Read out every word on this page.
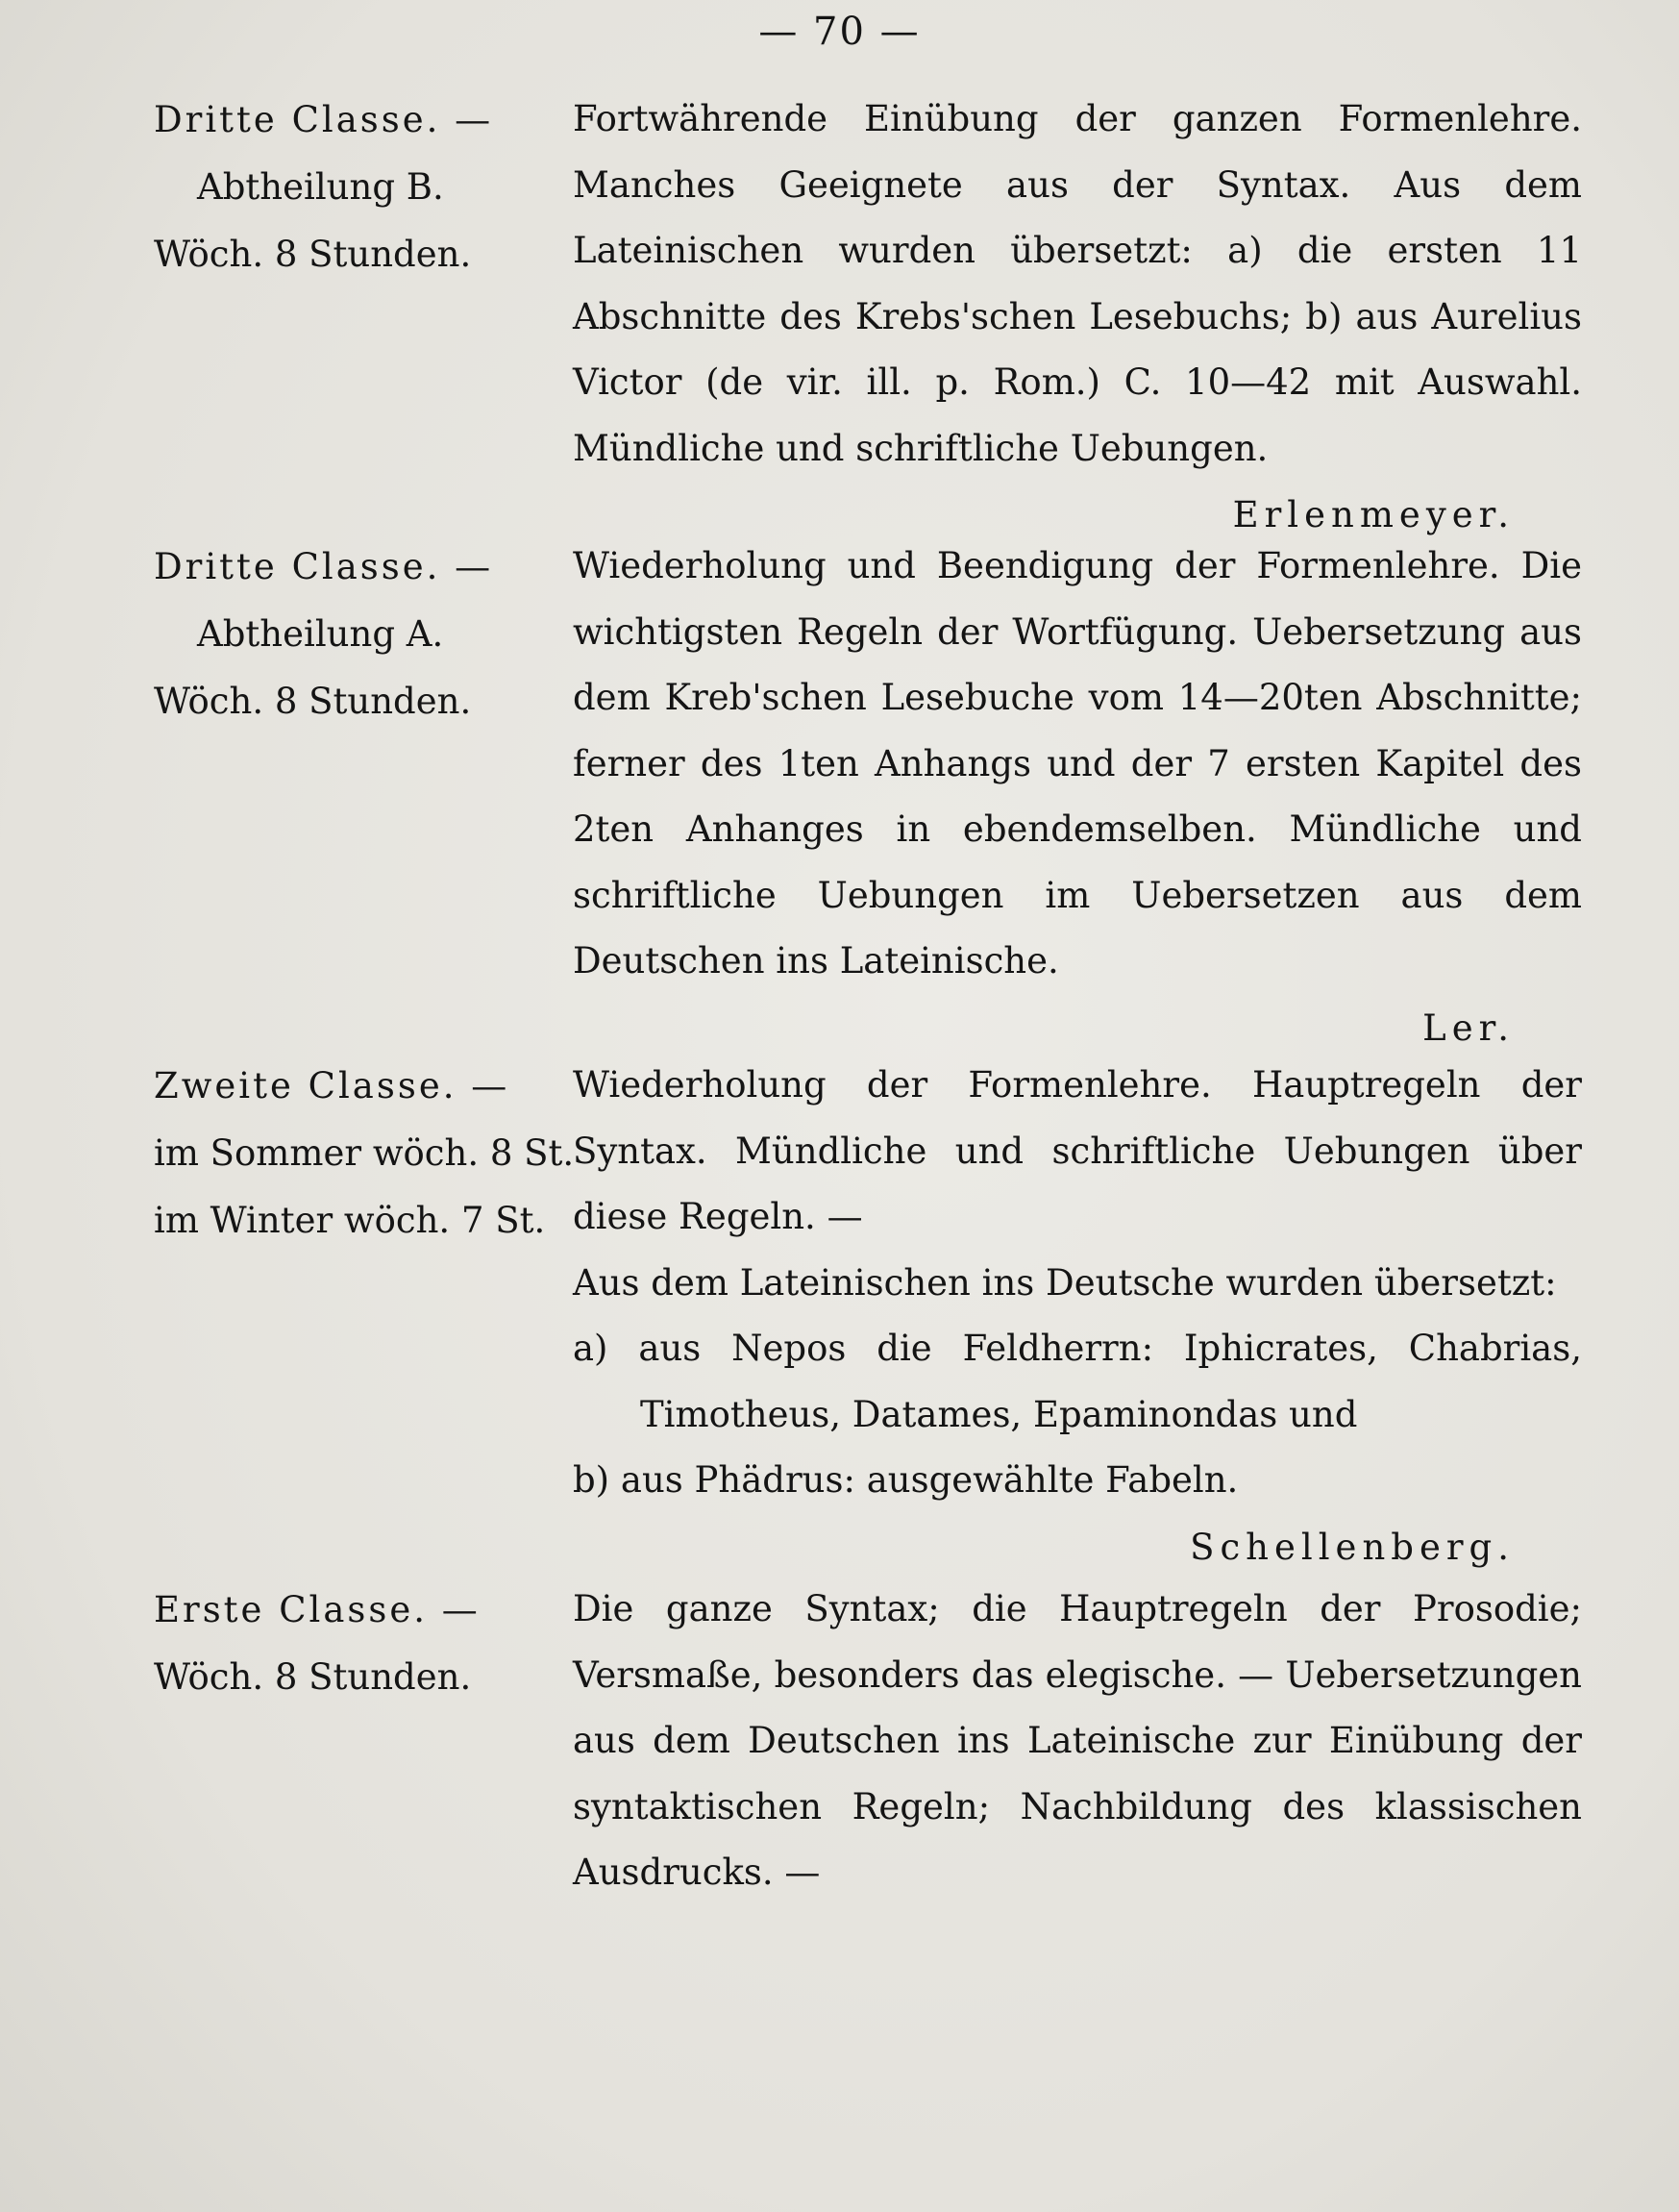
— 70 —
Dritte Classe. —
Abtheilung B.
Wöch. 8 Stunden.

Fortwährende Einübung der ganzen Formenlehre. Manches Geeignete aus der Syntax. Aus dem Lateinischen wurden übersetzt: a) die ersten 11 Abschnitte des Krebs'schen Lesebuchs; b) aus Aurelius Victor (de vir. ill. p. Rom.) C. 10—42 mit Auswahl. Mündliche und schriftliche Uebungen.

Erlenmeyer.
Dritte Classe. —
Abtheilung A.
Wöch. 8 Stunden.

Wiederholung und Beendigung der Formenlehre. Die wichtigsten Regeln der Wortfügung. Uebersetzung aus dem Kreb'schen Lesebuche vom 14—20ten Abschnitte; ferner des 1ten Anhangs und der 7 ersten Kapitel des 2ten Anhanges in ebendemselben. Mündliche und schriftliche Uebungen im Uebersetzen aus dem Deutschen ins Lateinische.

Ler.
Zweite Classe. —
im Sommer wöch. 8 St.
im Winter wöch. 7 St.

Wiederholung der Formenlehre. Hauptregeln der Syntax. Mündliche und schriftliche Uebungen über diese Regeln. —

Aus dem Lateinischen ins Deutsche wurden übersetzt:

a) aus Nepos die Feldherrn: Iphicrates, Chabrias, Timotheus, Datames, Epaminondas und

b) aus Phädrus: ausgewählte Fabeln.

Schellenberg.
Erste Classe. —
Wöch. 8 Stunden.

Die ganze Syntax; die Hauptregeln der Prosodie; Versmaße, besonders das elegische. — Uebersetzungen aus dem Deutschen ins Lateinische zur Einübung der syntaktischen Regeln; Nachbildung des klassischen Ausdrucks. —
